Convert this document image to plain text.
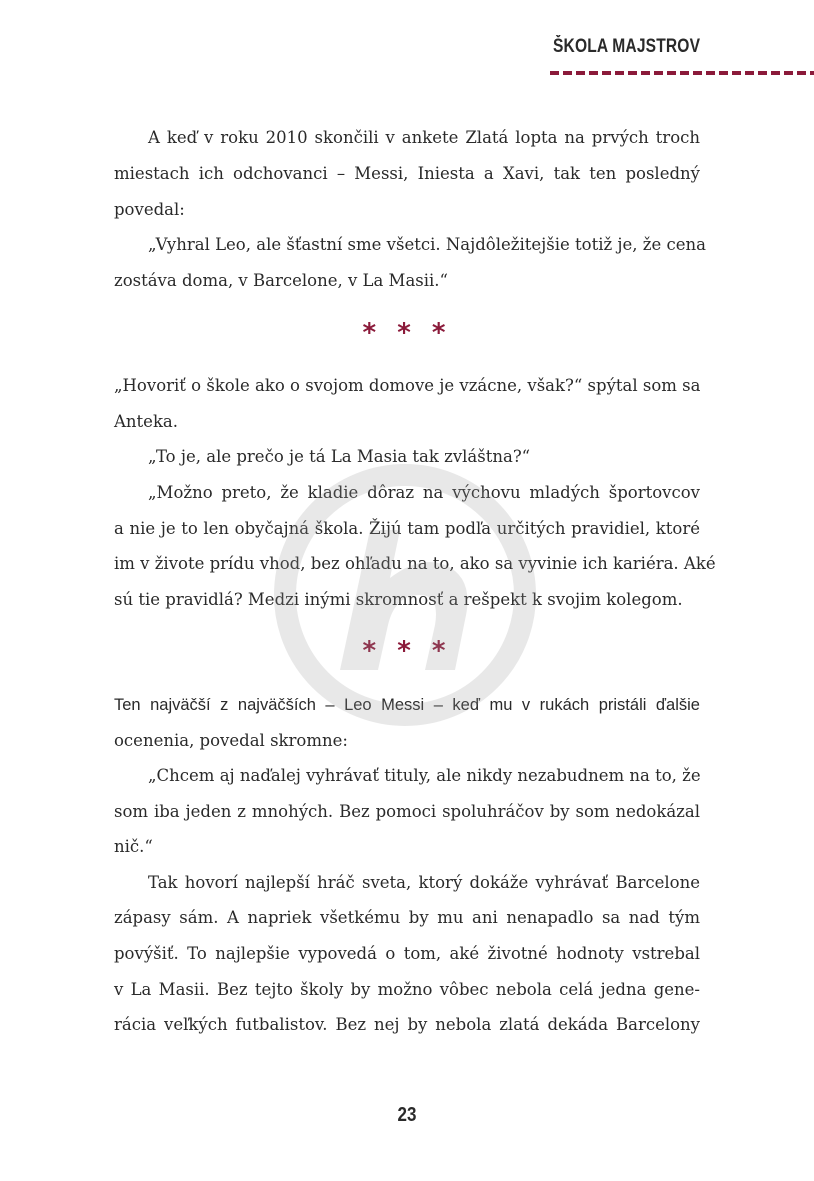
ŠKOLA MAJSTROV
A keď v roku 2010 skončili v ankete Zlatá lopta na prvých troch
miestach ich odchovanci – Messi, Iniesta a Xavi, tak ten posledný
povedal:
„Vyhral Leo, ale šťastní sme všetci. Najdôležitejšie totiž je, že cena
zostáva doma, v Barcelone, v La Masii.“
* * *
„Hovoriť o škole ako o svojom domove je vzácne, však?“ spýtal som sa
Anteka.
„To je, ale prečo je tá La Masia tak zvláštna?“
„Možno preto, že kladie dôraz na výchovu mladých športovcov
a nie je to len obyčajná škola. Žijú tam podľa určitých pravidiel, ktoré
im v živote prídu vhod, bez ohľadu na to, ako sa vyvinie ich kariéra. Aké
sú tie pravidlá? Medzi inými skromnosť a rešpekt k svojim kolegom.
* * *
Ten najväčší z najväčších – Leo Messi – keď mu v rukách pristáli ďalšie
ocenenia, povedal skromne:
„Chcem aj naďalej vyhrávať tituly, ale nikdy nezabudnem na to, že
som iba jeden z mnohých. Bez pomoci spoluhráčov by som nedokázal
nič.“
Tak hovorí najlepší hráč sveta, ktorý dokáže vyhrávať Barcelone
zápasy sám. A napriek všetkému by mu ani nenapadlo sa nad tým
povýšiť. To najlepšie vypovedá o tom, aké životné hodnoty vstrebal
v La Masii. Bez tejto školy by možno vôbec nebola celá jedna gene-
rácia veľkých futbalistov. Bez nej by nebola zlatá dekáda Barcelony
23
